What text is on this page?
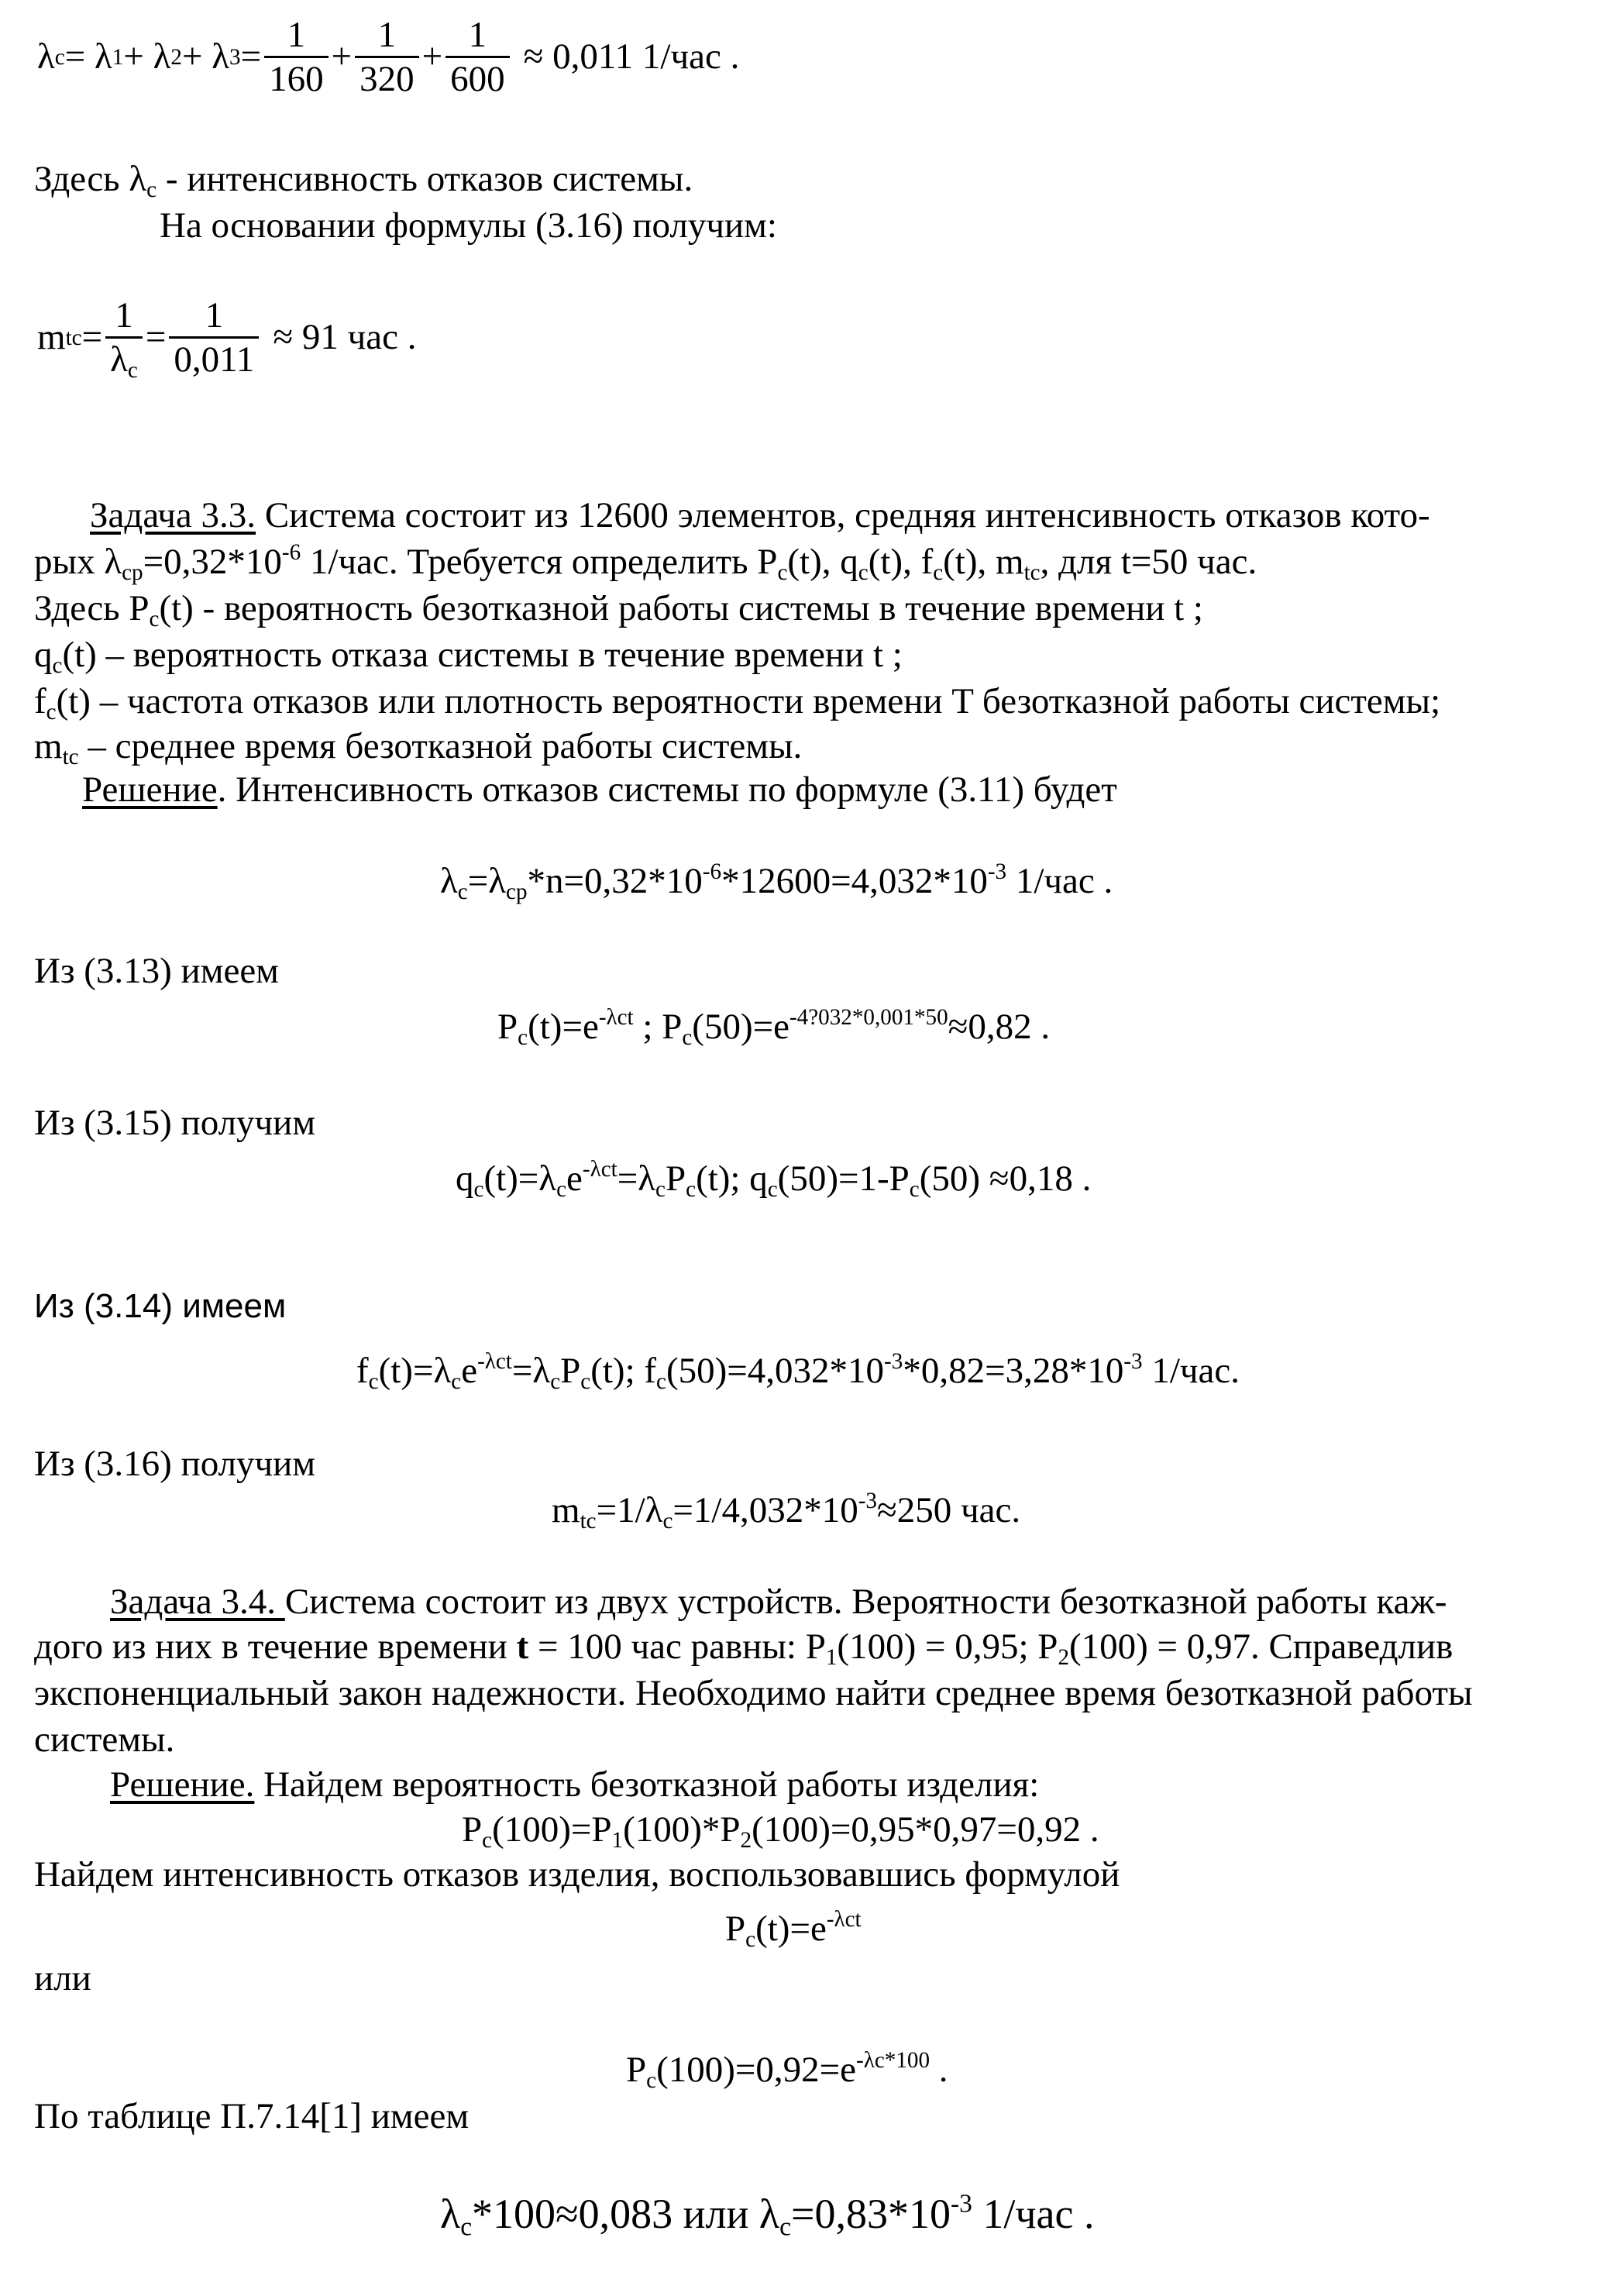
λ c = λ 1 + λ 2 + λ $3 = \frac{1}{160} + \frac{1}{320} + \frac{1}{600} \approx 0,011$ 1/час .
Здесь $\lambda_c$ - интенсивность отказов системы.
На основании формулы (3.16) получим:
m tc = $\frac{1}{\lambda_c} = \frac{1}{0,011} \approx 91$ час .
Задача 3.3. Система состоит из 12600 элементов, средняя интенсивность отказов кото-
рых $\lambda_{ср}=0,32*10^{-6}$ 1/час. Требуется определить $P_c(t)$, $q_c(t)$, $f_c(t)$, $m_{tc}$, для t=50 час.
Здесь $P_c(t)$ - вероятность безотказной работы системы в течение времени t ;
$q_c(t)$ – вероятность отказа системы в течение времени t ;
$f_c(t)$ – частота отказов или плотность вероятности времени T безотказной работы системы;
$m_{tc}$ – среднее время безотказной работы системы.
Решение. Интенсивность отказов системы по формуле (3.11) будет
$\lambda_c=\lambda_{ср}*n=0,32*10^{-6}*12600=4,032*10^{-3}$ 1/час .
Из (3.13) имеем
$P_c(t)=e^{-\lambda ct}$ ; $P_c(50)=e^{-4?032*0,001*50}\approx 0,82$ .
Из (3.15) получим
$q_c(t)=\lambda_ce^{-\lambda ct}=\lambda_cP_c(t)$; $q_c(50)=1-P_c(50) \approx 0,18$ .
Из (3.14) имеем
$f_c(t)=\lambda_ce^{-\lambda ct}=\lambda_cP_c(t)$; $f_c(50)=4,032*10^{-3}*0,82=3,28*10^{-3}$ 1/час.
Из (3.16) получим
$m_{tc}=1/\lambda_c=1/4,032*10^{-3}\approx 250$ час.
Задача 3.4. Система состоит из двух устройств. Вероятности безотказной работы каж-
дого из них в течение времени t = 100 час равны: $P_1(100) = 0,95$; $P_2(100) = 0,97$. Справедлив
экспоненциальный закон надежности. Необходимо найти среднее время безотказной работы
системы.
Решение. Найдем вероятность безотказной работы изделия:
$P_c(100)=P_1(100)*P_2(100)=0,95*0,97=0,92$ .
Найдем интенсивность отказов изделия, воспользовавшись формулой
$P_c(t)=e^{-\lambda ct}$
или
$P_c(100)=0,92=e^{-\lambda c*100}$ .
По таблице П.7.14[1] имеем
$\lambda_c*100\approx 0,083$ или $\lambda_c=0,83*10^{-3}$ 1/час .
